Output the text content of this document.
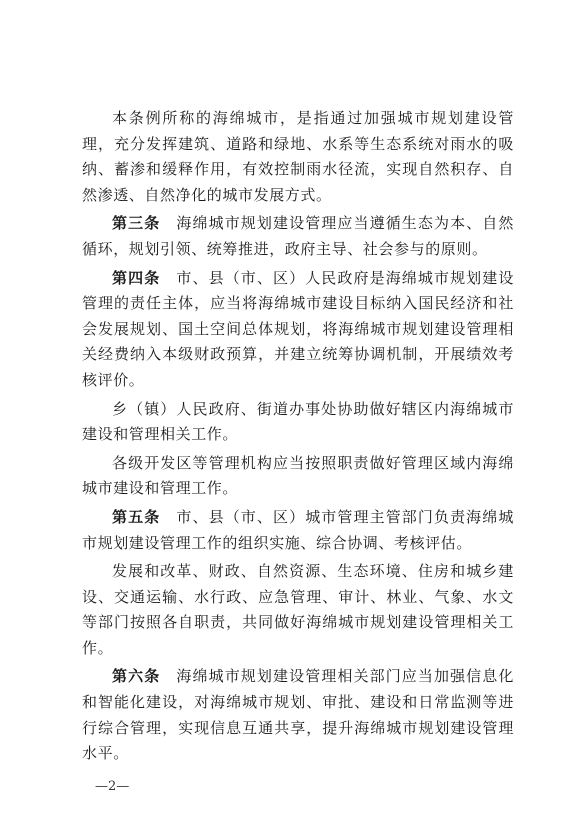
本条例所称的海绵城市，是指通过加强城市规划建设管理，充分发挥建筑、道路和绿地、水系等生态系统对雨水的吸纳、蓄渗和缓释作用，有效控制雨水径流，实现自然积存、自然渗透、自然净化的城市发展方式。

第三条　 海绵城市规划建设管理应当遵循生态为本、自然循环，规划引领、统筹推进，政府主导、社会参与的原则。

第四条　 市、县（市、区）人民政府是海绵城市规划建设管理的责任主体，应当将海绵城市建设目标纳入国民经济和社会发展规划、国土空间总体规划，将海绵城市规划建设管理相关经费纳入本级财政预算，并建立统筹协调机制，开展绩效考核评价。

乡（镇）人民政府、街道办事处协助做好辖区内海绵城市建设和管理相关工作。

各级开发区等管理机构应当按照职责做好管理区域内海绵城市建设和管理工作。

第五条　 市、县（市、区）城市管理主管部门负责海绵城市规划建设管理工作的组织实施、综合协调、考核评估。

发展和改革、财政、自然资源、生态环境、住房和城乡建设、交通运输、水行政、应急管理、审计、林业、气象、水文等部门按照各自职责，共同做好海绵城市规划建设管理相关工作。

第六条　 海绵城市规划建设管理相关部门应当加强信息化和智能化建设，对海绵城市规划、审批、建设和日常监测等进行综合管理，实现信息互通共享，提升海绵城市规划建设管理水平。

—2—
